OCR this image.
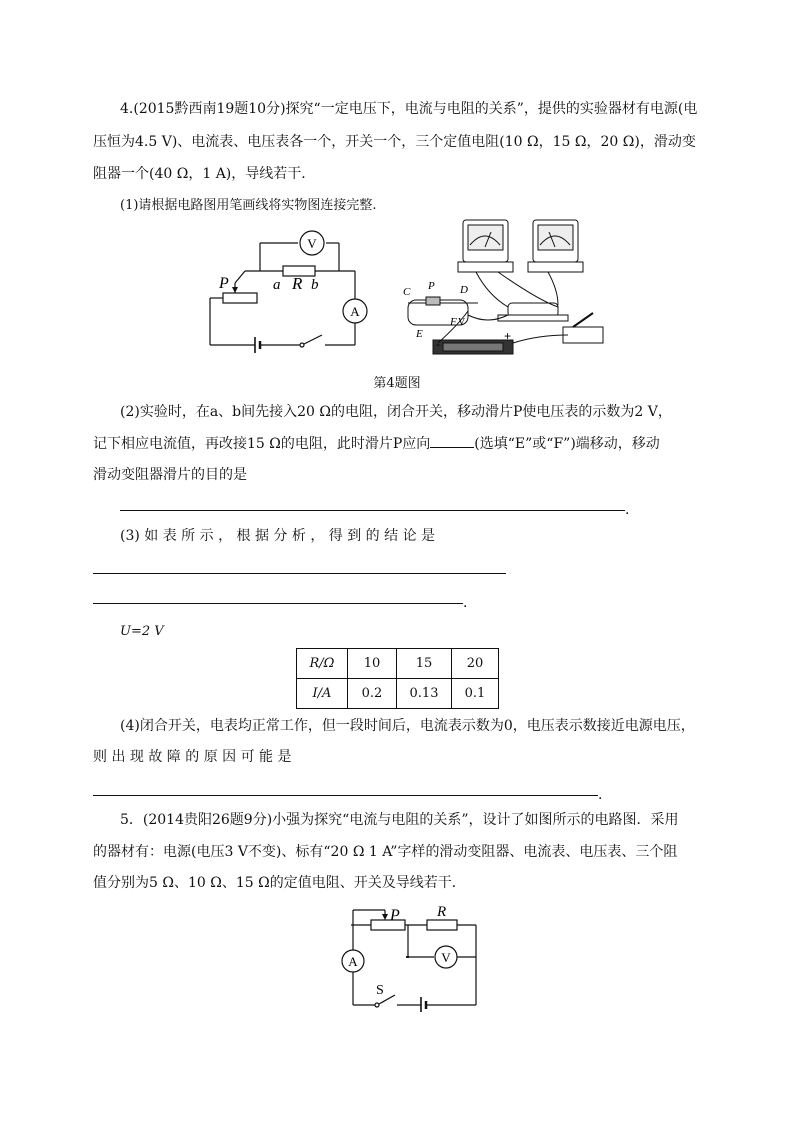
4.(2015黔西南19题10分)探究“一定电压下，电流与电阻的关系”，提供的实验器材有电源(电
压恒为4.5 V)、电流表、电压表各一个，开关一个，三个定值电阻(10 Ω，15 Ω，20 Ω)，滑动变
阻器一个(40 Ω，1 A)，导线若干.
(1)请根据电路图用笔画线将实物图连接完整.
V
A
P	a R b	C P D
E
F V
-
+
第4题图
(2)实验时，在a、b间先接入20 Ω的电阻，闭合开关，移动滑片P使电压表的示数为2 V，
记下相应电流值，再改接15 Ω的电阻，此时滑片P应向	(选填“E”或“F”)端移动，移动
滑动变阻器滑片的目的是
.
(3) 如 表 所 示 ， 根 据 分 析 ， 得 到 的 结 论 是
.
U=2 V
R/Ω	10	15	20
I/A	0.2	0.13	0.1
(4)闭合开关，电表均正常工作，但一段时间后，电流表示数为0，电压表示数接近电源电压，
则 出 现 故 障 的 原 因 可 能 是
.
5．(2014贵阳26题9分)小强为探究“电流与电阻的关系”，设计了如图所示的电路图．采用
的器材有：电源(电压3 V不变)、标有“20 Ω 1 A”字样的滑动变阻器、电流表、电压表、三个阻
值分别为5 Ω、10 Ω、15 Ω的定值电阻、开关及导线若干．
P R
A	V
S
